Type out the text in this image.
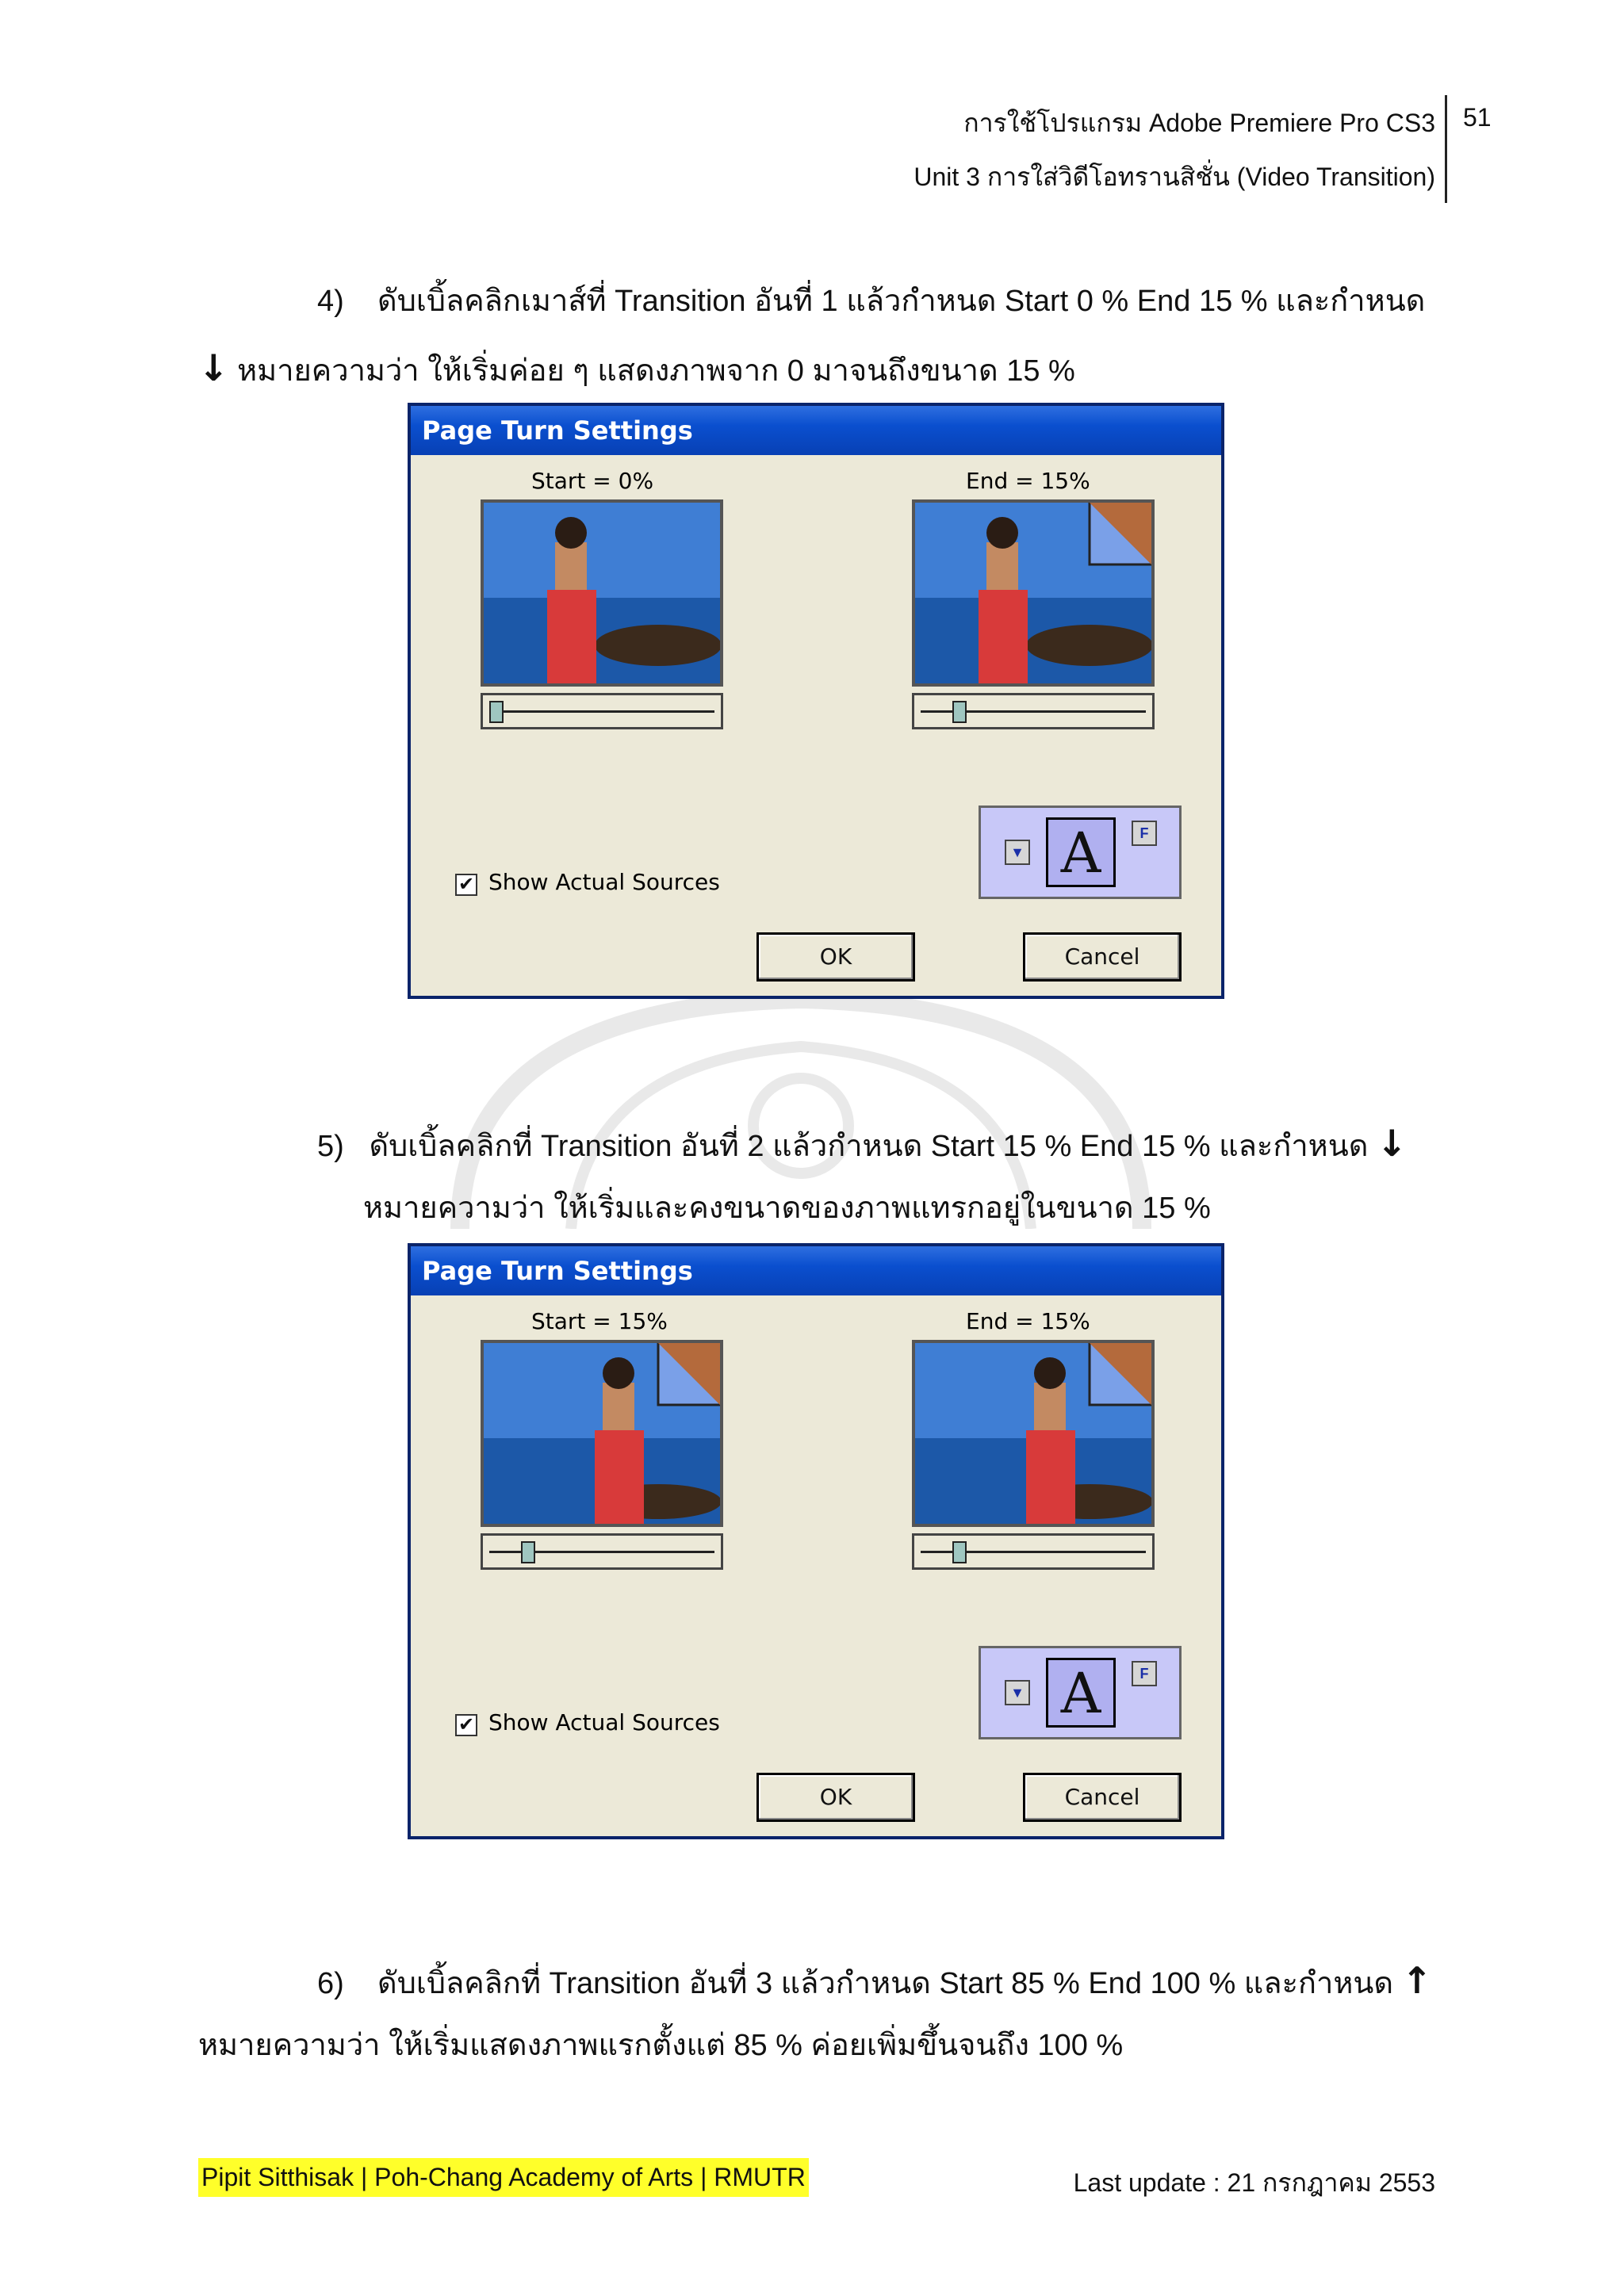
การใช้โปรแกรม Adobe Premiere Pro CS3
Unit 3 การใส่วิดีโอทรานสิชั่น (Video Transition)
51
4) ดับเบิ้ลคลิกเมาส์ที่ Transition อันที่ 1 แล้วกำหนด Start 0 % End 15 % และกำหนด
↓ หมายความว่า ให้เริ่มค่อย ๆ แสดงภาพจาก 0 มาจนถึงขนาด 15 %
Page Turn Settings
Start = 0%	End = 15%
▼ A	F
✔ Show Actual Sources
OK	Cancel
5) ดับเบิ้ลคลิกที่ Transition อันที่ 2 แล้วกำหนด Start 15 % End 15 % และกำหนด ↓
หมายความว่า ให้เริ่มและคงขนาดของภาพแทรกอยู่ในขนาด 15 %
Page Turn Settings
Start = 15%	End = 15%
▼ A	F
✔ Show Actual Sources
OK	Cancel
6) ดับเบิ้ลคลิกที่ Transition อันที่ 3 แล้วกำหนด Start 85 % End 100 % และกำหนด ↑
หมายความว่า ให้เริ่มแสดงภาพแรกตั้งแต่ 85 % ค่อยเพิ่มขึ้นจนถึง 100 %
Pipit Sitthisak | Poh-Chang Academy of Arts | RMUTR	Last update : 21 กรกฎาคม 2553
